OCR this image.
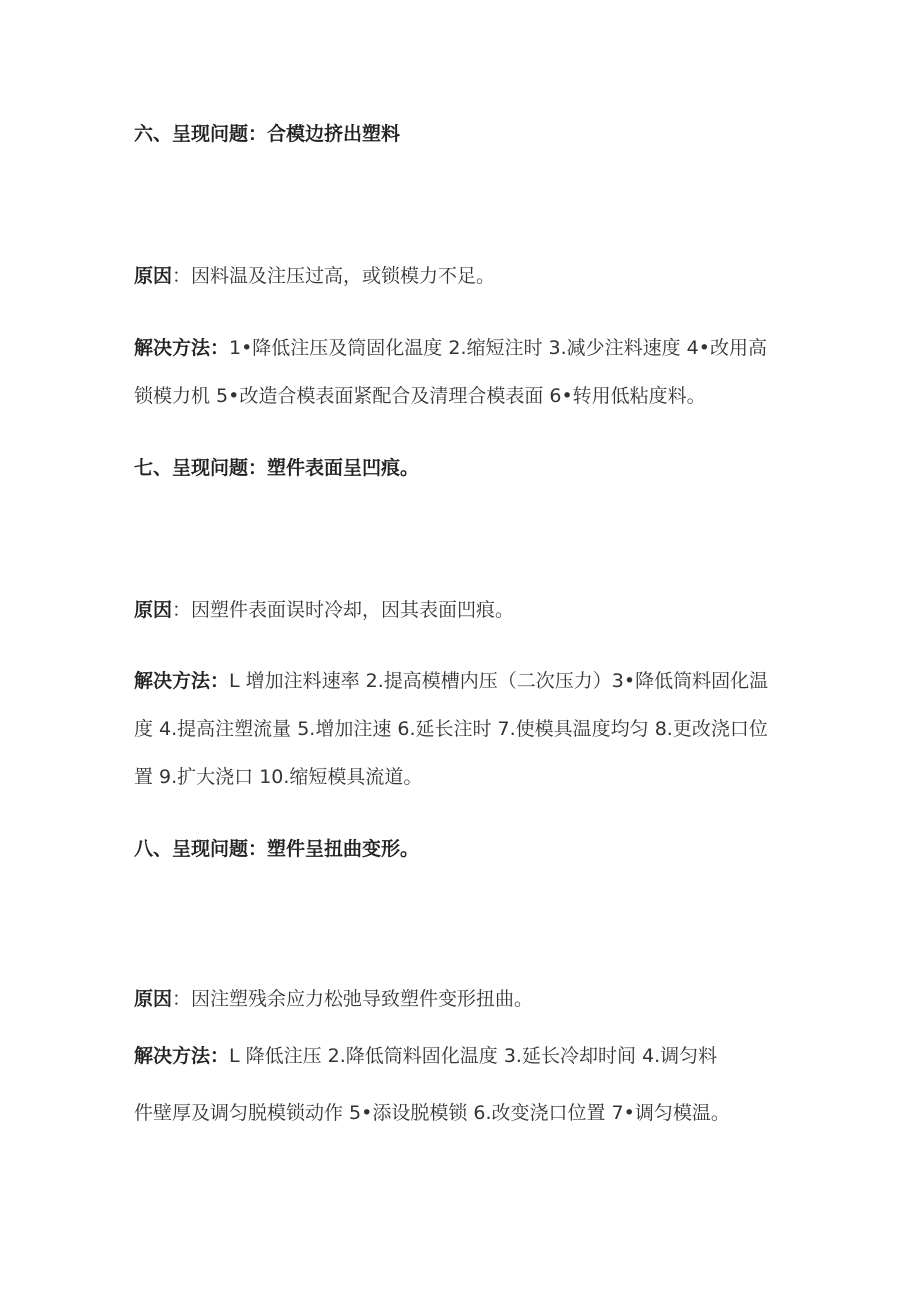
六、呈现问题：合模边挤出塑料
原因：因料温及注压过高，或锁模力不足。
解决方法：1•降低注压及筒固化温度 2.缩短注时 3.减少注料速度 4•改用高
锁模力机 5•改造合模表面紧配合及清理合模表面 6•转用低粘度料。
七、呈现问题：塑件表面呈凹痕。
原因：因塑件表面误时冷却，因其表面凹痕。
解决方法：L 增加注料速率 2.提高模槽内压（二次压力）3•降低筒料固化温
度 4.提高注塑流量 5.增加注速 6.延长注时 7.使模具温度均匀 8.更改浇口位
置 9.扩大浇口 10.缩短模具流道。
八、呈现问题：塑件呈扭曲变形。
原因：因注塑残余应力松弛导致塑件变形扭曲。
解决方法：L 降低注压 2.降低筒料固化温度 3.延长冷却时间 4.调匀料
件壁厚及调匀脱模锁动作 5•添设脱模锁 6.改变浇口位置 7•调匀模温。
